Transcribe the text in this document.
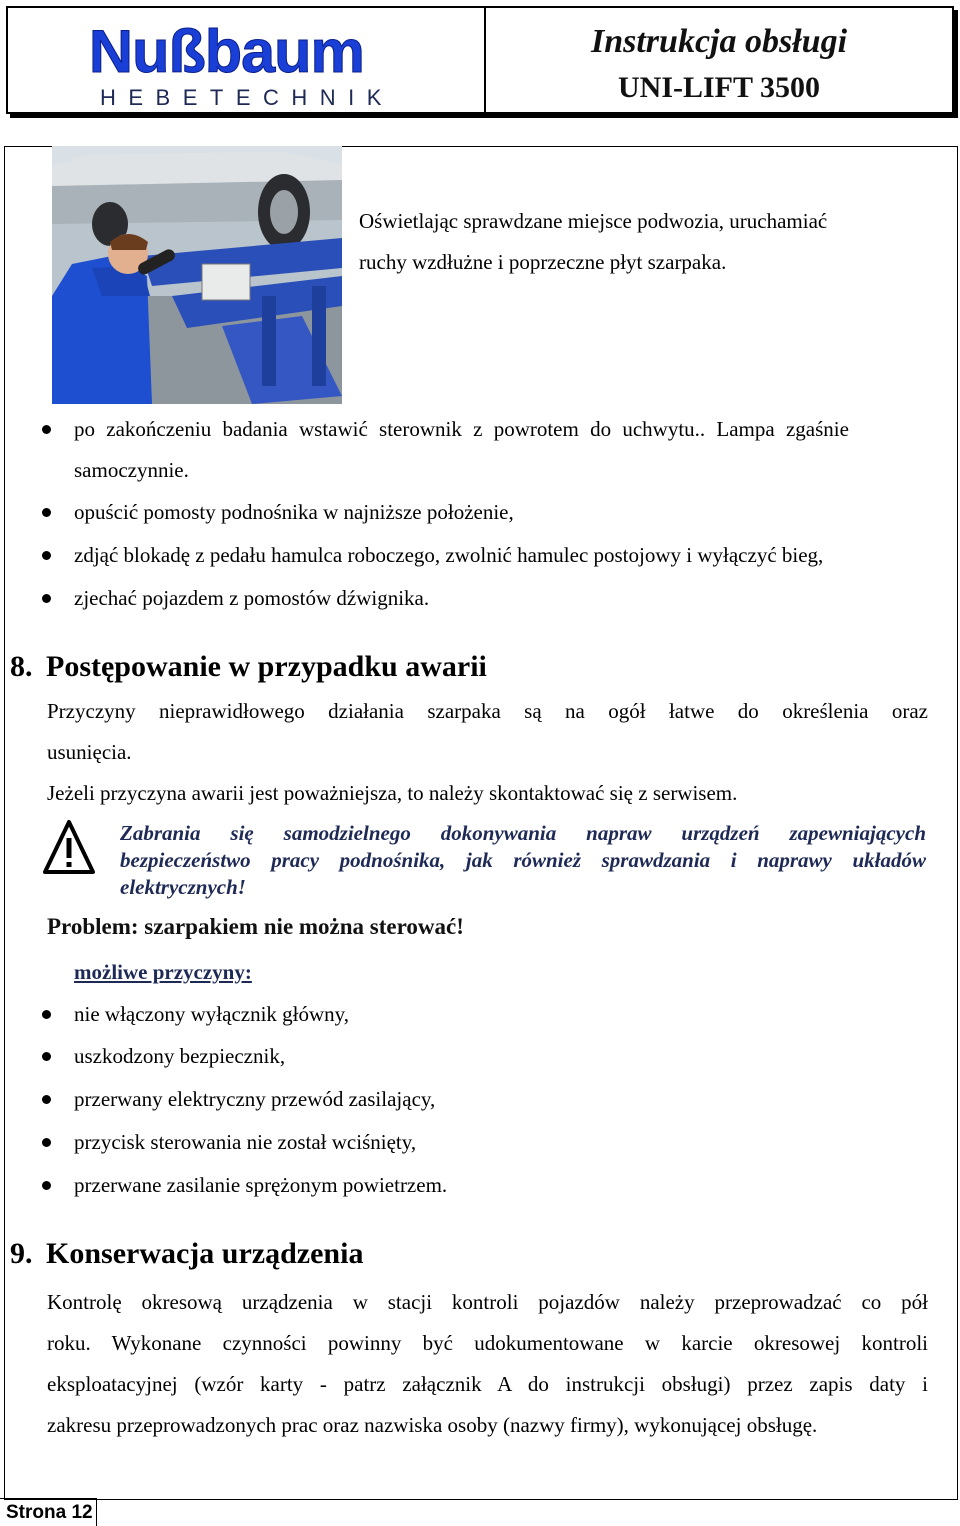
Nußbaum
HEBETECHNIK
Instrukcja obsługi
UNI-LIFT 3500
Oświetlając sprawdzane miejsce podwozia, uruchamiać
ruchy wzdłużne i poprzeczne płyt szarpaka.
po zakończeniu badania wstawić sterownik z powrotem do uchwytu.. Lampa zgaśnie
samoczynnie.
opuścić pomosty podnośnika w najniższe położenie,
zdjąć blokadę z pedału hamulca roboczego, zwolnić hamulec postojowy i wyłączyć bieg,
zjechać pojazdem z pomostów dźwignika.
8. Postępowanie w przypadku awarii
Przyczyny nieprawidłowego działania szarpaka są na ogół łatwe do określenia oraz
usunięcia.
Jeżeli przyczyna awarii jest poważniejsza, to należy skontaktować się z serwisem.
Zabrania się samodzielnego dokonywania napraw urządzeń zapewniających
bezpieczeństwo pracy podnośnika, jak również sprawdzania i naprawy układów
elektrycznych!
Problem: szarpakiem nie można sterować!
możliwe przyczyny:
nie włączony wyłącznik główny,
uszkodzony bezpiecznik,
przerwany elektryczny przewód zasilający,
przycisk sterowania nie został wciśnięty,
przerwane zasilanie sprężonym powietrzem.
9. Konserwacja urządzenia
Kontrolę okresową urządzenia w stacji kontroli pojazdów należy przeprowadzać co pół
roku. Wykonane czynności powinny być udokumentowane w karcie okresowej kontroli
eksploatacyjnej (wzór karty - patrz załącznik A do instrukcji obsługi) przez zapis daty i
zakresu przeprowadzonych prac oraz nazwiska osoby (nazwy firmy), wykonującej obsługę.
Strona 12
